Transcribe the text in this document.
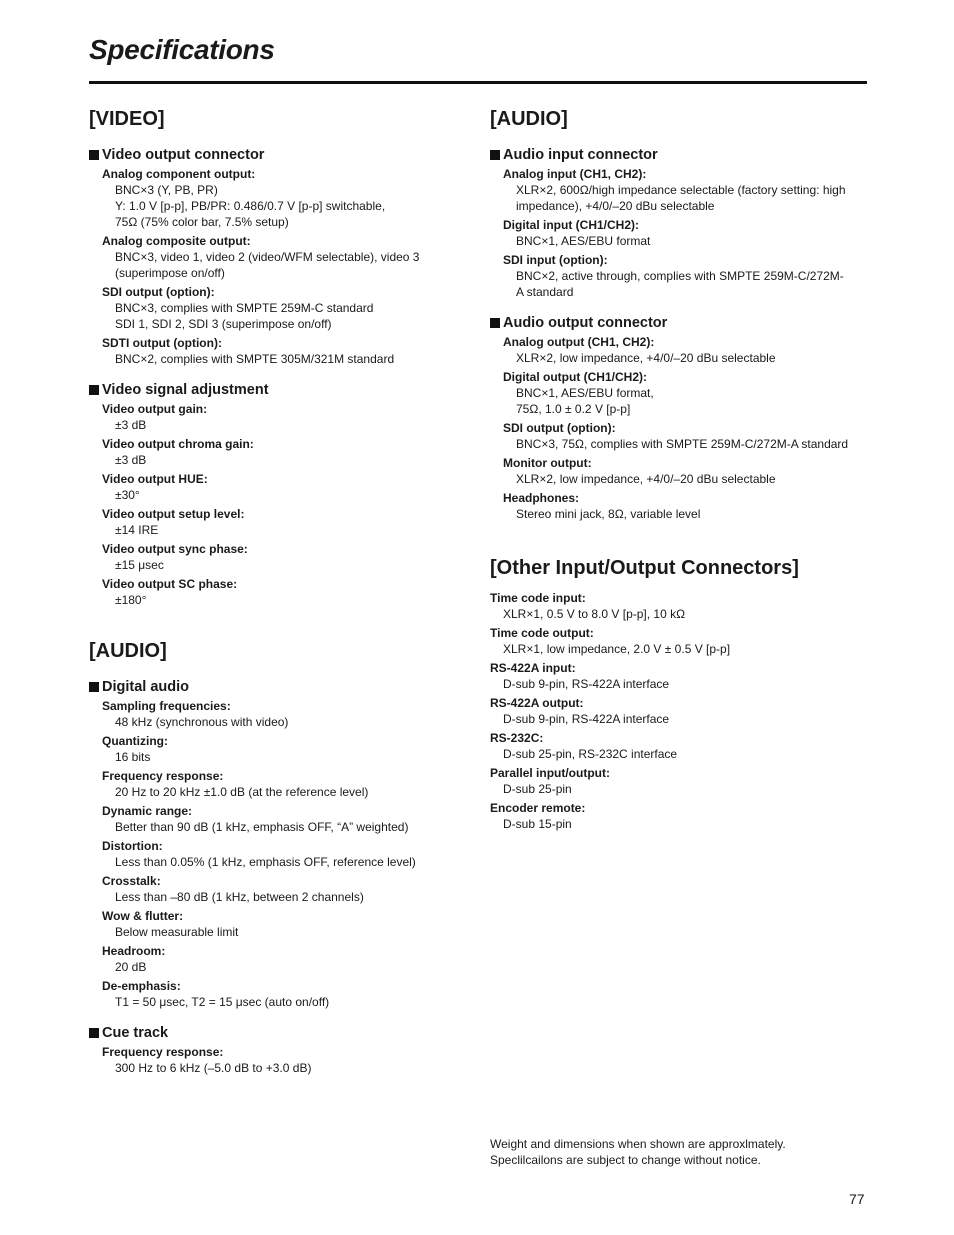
Specifications
[VIDEO]
Video output connector

Analog component output:

BNC×3 (Y, PB, PR)

Y: 1.0 V [p-p], PB/PR: 0.486/0.7 V [p-p] switchable,

75Ω (75% color bar, 7.5% setup)

Analog composite output:

BNC×3, video 1, video 2 (video/WFM selectable), video 3

(superimpose on/off)

SDI output (option):

BNC×3, complies with SMPTE 259M-C standard

SDI 1, SDI 2, SDI 3 (superimpose on/off)

SDTI output (option):

BNC×2, complies with SMPTE 305M/321M standard

Video signal adjustment

Video output gain:

±3 dB

Video output chroma gain:

±3 dB

Video output HUE:

±30°

Video output setup level:

±14 IRE

Video output sync phase:

±15 μsec

Video output SC phase:

±180°

[AUDIO]
Digital audio

Sampling frequencies:

48 kHz (synchronous with video)

Quantizing:

16 bits

Frequency response:

20 Hz to 20 kHz ±1.0 dB (at the reference level)

Dynamic range:

Better than 90 dB (1 kHz, emphasis OFF, “A” weighted)

Distortion:

Less than 0.05% (1 kHz, emphasis OFF, reference level)

Crosstalk:

Less than –80 dB (1 kHz, between 2 channels)

Wow & flutter:

Below measurable limit

Headroom:

20 dB

De-emphasis:

T1 = 50 μsec, T2 = 15 μsec (auto on/off)

Cue track

Frequency response:

300 Hz to 6 kHz (–5.0 dB to +3.0 dB)

[AUDIO]
Audio input connector

Analog input (CH1, CH2):

XLR×2, 600Ω/high impedance selectable (factory setting: high

impedance), +4/0/–20 dBu selectable

Digital input (CH1/CH2):

BNC×1, AES/EBU format

SDI input (option):

BNC×2, active through, complies with SMPTE 259M-C/272M-

A standard

Audio output connector

Analog output (CH1, CH2):

XLR×2, low impedance, +4/0/–20 dBu selectable

Digital output (CH1/CH2):

BNC×1, AES/EBU format,

75Ω, 1.0 ± 0.2 V [p-p]

SDI output (option):

BNC×3, 75Ω, complies with SMPTE 259M-C/272M-A standard

Monitor output:

XLR×2, low impedance, +4/0/–20 dBu selectable

Headphones:

Stereo mini jack, 8Ω, variable level

[Other Input/Output Connectors]

Time code input:

XLR×1, 0.5 V to 8.0 V [p-p], 10 kΩ

Time code output:

XLR×1, low impedance, 2.0 V ± 0.5 V [p-p]

RS-422A input:

D-sub 9-pin, RS-422A interface

RS-422A output:

D-sub 9-pin, RS-422A interface

RS-232C:

D-sub 25-pin, RS-232C interface

Parallel input/output:

D-sub 25-pin

Encoder remote:

D-sub 15-pin

Weight and dimensions when shown are approxlmately.
Speclilcailons are subject to change without notice.
77
